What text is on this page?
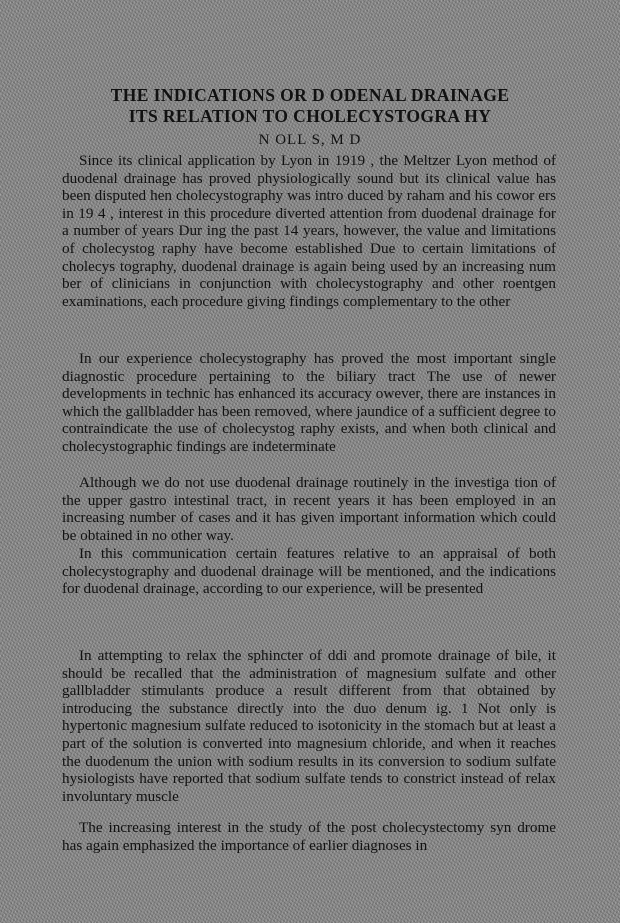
THE INDICATIONS OR D ODENAL DRAINAGE
ITS RELATION TO CHOLECYSTOGRA HY
N OLL S, M D

Since its clinical application by Lyon in 1919 , the Meltzer Lyon method of duodenal drainage has proved physiologically sound but its clinical value has been disputed hen cholecystography was intro duced by raham and his cowor ers in 19 4 , interest in this procedure diverted attention from duodenal drainage for a number of years Dur ing the past 14 years, however, the value and limitations of cholecystog raphy have become established Due to certain limitations of cholecys tography, duodenal drainage is again being used by an increasing num ber of clinicians in conjunction with cholecystography and other roentgen examinations, each procedure giving findings complementary to the other

In our experience cholecystography has proved the most important single diagnostic procedure pertaining to the biliary tract The use of newer developments in technic has enhanced its accuracy owever, there are instances in which the gallbladder has been removed, where jaundice of a sufficient degree to contraindicate the use of cholecystog raphy exists, and when both clinical and cholecystographic findings are indeterminate

Although we do not use duodenal drainage routinely in the investiga tion of the upper gastro intestinal tract, in recent years it has been employed in an increasing number of cases and it has given important information which could be obtained in no other way.

In this communication certain features relative to an appraisal of both cholecystography and duodenal drainage will be mentioned, and the indications for duodenal drainage, according to our experience, will be presented

In attempting to relax the sphincter of ddi and promote drainage of bile, it should be recalled that the administration of magnesium sulfate and other gallbladder stimulants produce a result different from that obtained by introducing the substance directly into the duo denum ig. 1 Not only is hypertonic magnesium sulfate reduced to isotonicity in the stomach but at least a part of the solution is converted into magnesium chloride, and when it reaches the duodenum the union with sodium results in its conversion to sodium sulfate hysiologists have reported that sodium sulfate tends to constrict instead of relax involuntary muscle

The increasing interest in the study of the post cholecystectomy syn drome has again emphasized the importance of earlier diagnoses in
